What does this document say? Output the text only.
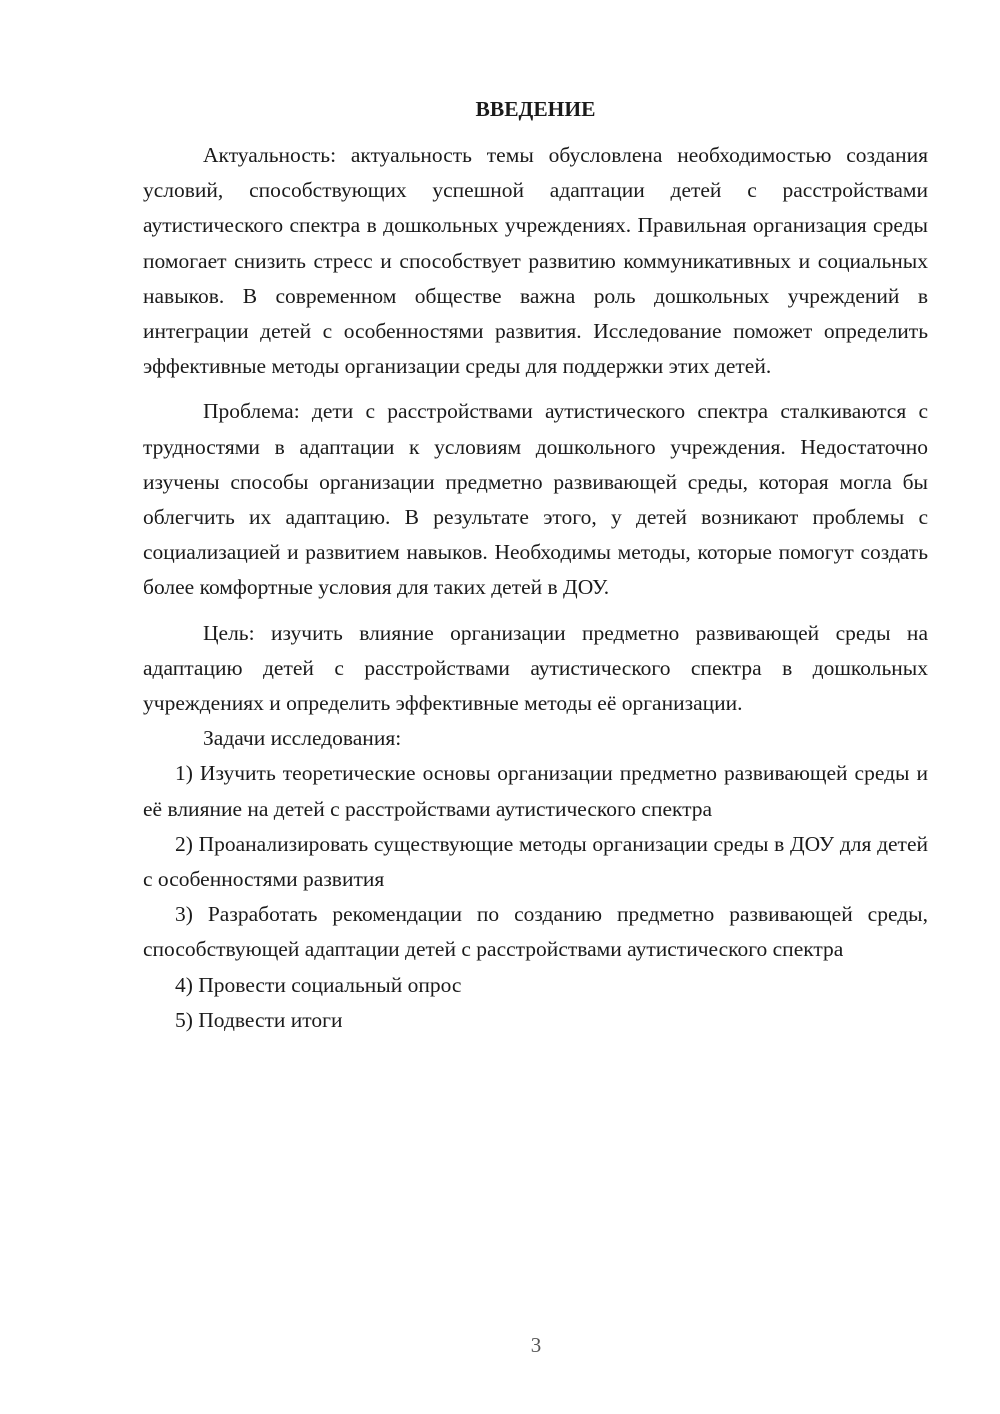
ВВЕДЕНИЕ

Актуальность: актуальность темы обусловлена необходимостью создания условий, способствующих успешной адаптации детей с расстройствами аутистического спектра в дошкольных учреждениях. Правильная организация среды помогает снизить стресс и способствует развитию коммуникативных и социальных навыков. В современном обществе важна роль дошкольных учреждений в интеграции детей с особенностями развития. Исследование поможет определить эффективные методы организации среды для поддержки этих детей.

Проблема: дети с расстройствами аутистического спектра сталкиваются с трудностями в адаптации к условиям дошкольного учреждения. Недостаточно изучены способы организации предметно развивающей среды, которая могла бы облегчить их адаптацию. В результате этого, у детей возникают проблемы с социализацией и развитием навыков. Необходимы методы, которые помогут создать более комфортные условия для таких детей в ДОУ.

Цель: изучить влияние организации предметно развивающей среды на адаптацию детей с расстройствами аутистического спектра в дошкольных учреждениях и определить эффективные методы её организации.

Задачи исследования:

1) Изучить теоретические основы организации предметно развивающей среды и её влияние на детей с расстройствами аутистического спектра

2) Проанализировать существующие методы организации среды в ДОУ для детей с особенностями развития

3) Разработать рекомендации по созданию предметно развивающей среды, способствующей адаптации детей с расстройствами аутистического спектра

4) Провести социальный опрос

5) Подвести итоги

3
